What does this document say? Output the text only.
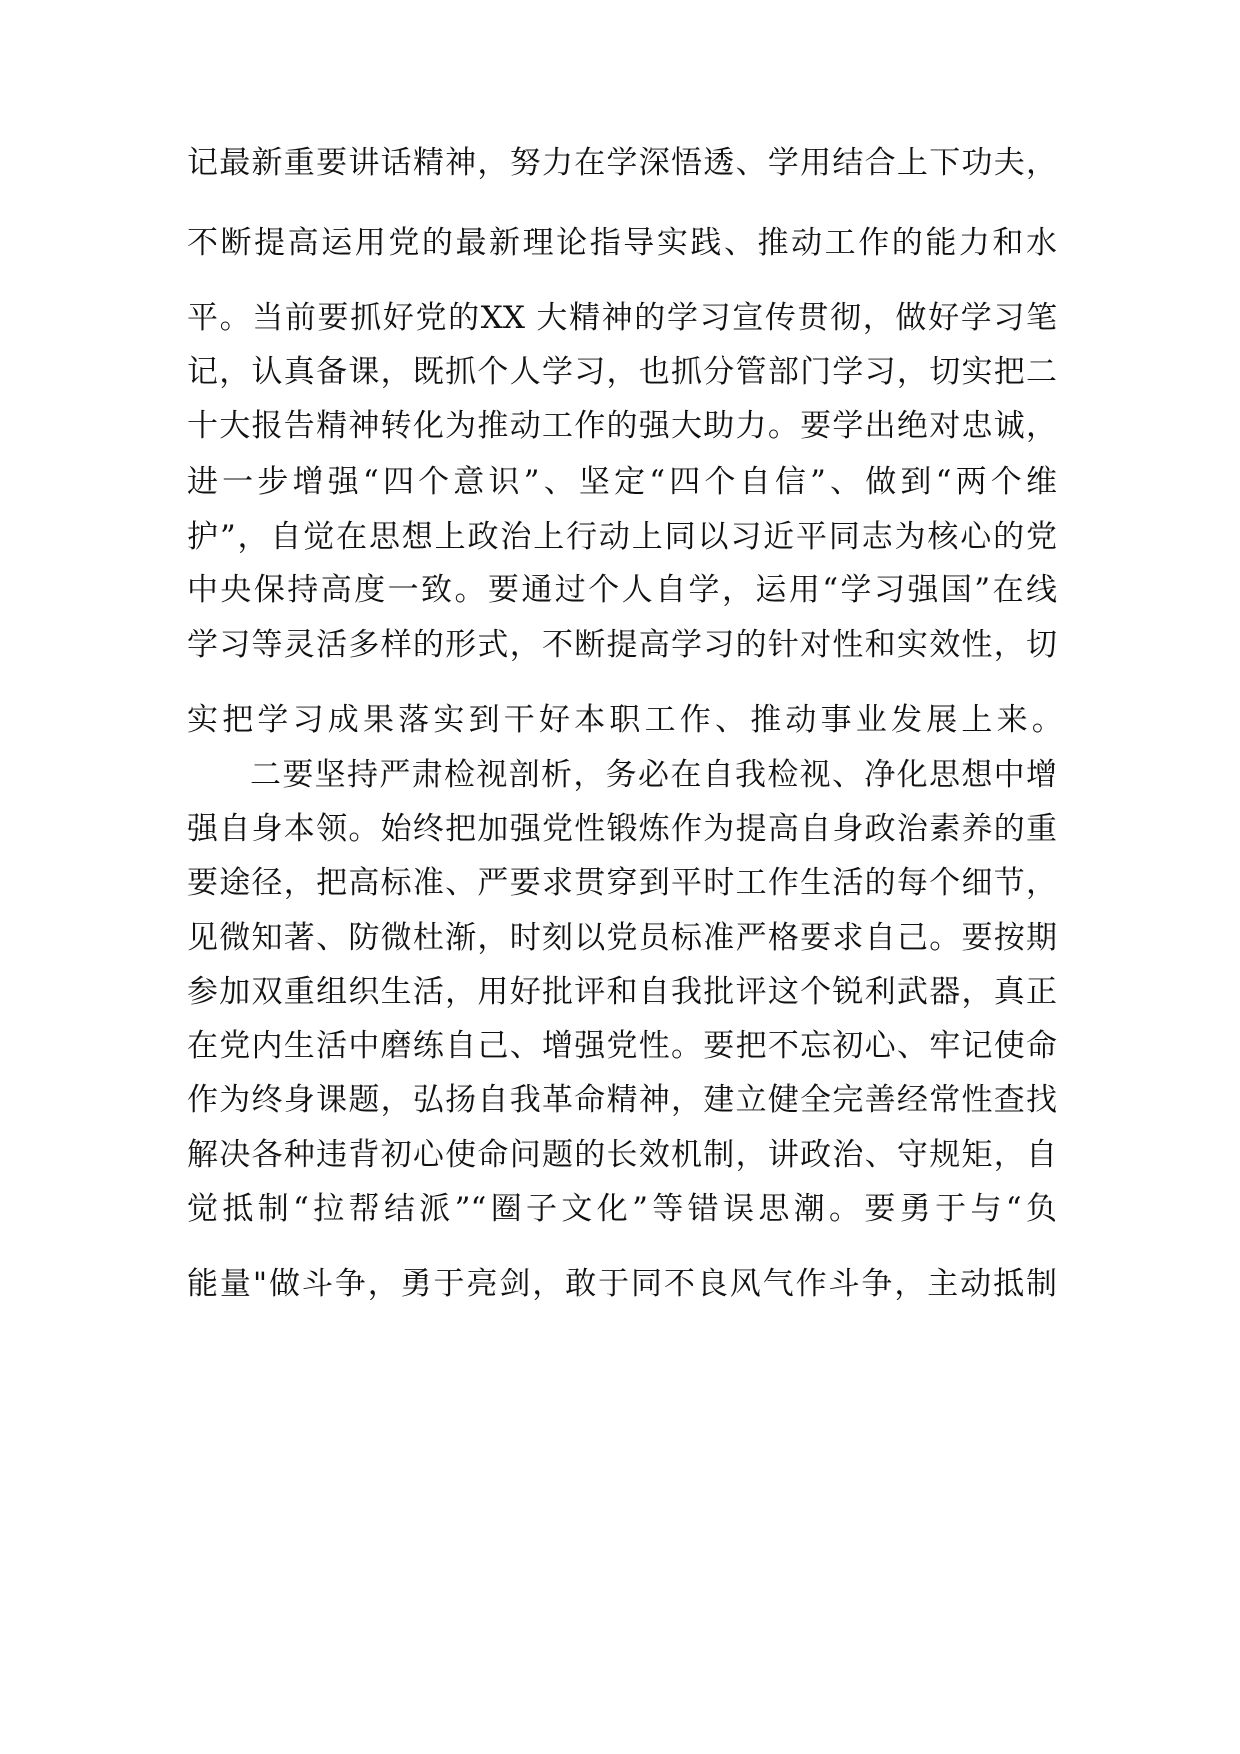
记最新重要讲话精神，努力在学深悟透、学用结合上下功夫，
不断提高运用党的最新理论指导实践、推动工作的能力和水
平。当前要抓好党的XX 大精神的学习宣传贯彻，做好学习笔
记，认真备课，既抓个人学习，也抓分管部门学习，切实把二
十大报告精神转化为推动工作的强大助力。要学出绝对忠诚，
进一步增强“四个意识”、坚定“四个自信”、做到“两个维
护”，自觉在思想上政治上行动上同以习近平同志为核心的党
中央保持高度一致。要通过个人自学，运用“学习强国”在线
学习等灵活多样的形式，不断提高学习的针对性和实效性，切
实把学习成果落实到干好本职工作、推动事业发展上来。
二要坚持严肃检视剖析，务必在自我检视、净化思想中增
强自身本领。始终把加强党性锻炼作为提高自身政治素养的重
要途径，把高标准、严要求贯穿到平时工作生活的每个细节，
见微知著、防微杜渐，时刻以党员标准严格要求自己。要按期
参加双重组织生活，用好批评和自我批评这个锐利武器，真正
在党内生活中磨练自己、增强党性。要把不忘初心、牢记使命
作为终身课题，弘扬自我革命精神，建立健全完善经常性查找
解决各种违背初心使命问题的长效机制，讲政治、守规矩，自
觉抵制“拉帮结派”“圈子文化”等错误思潮。要勇于与“负
能量"做斗争，勇于亮剑，敢于同不良风气作斗争，主动抵制
